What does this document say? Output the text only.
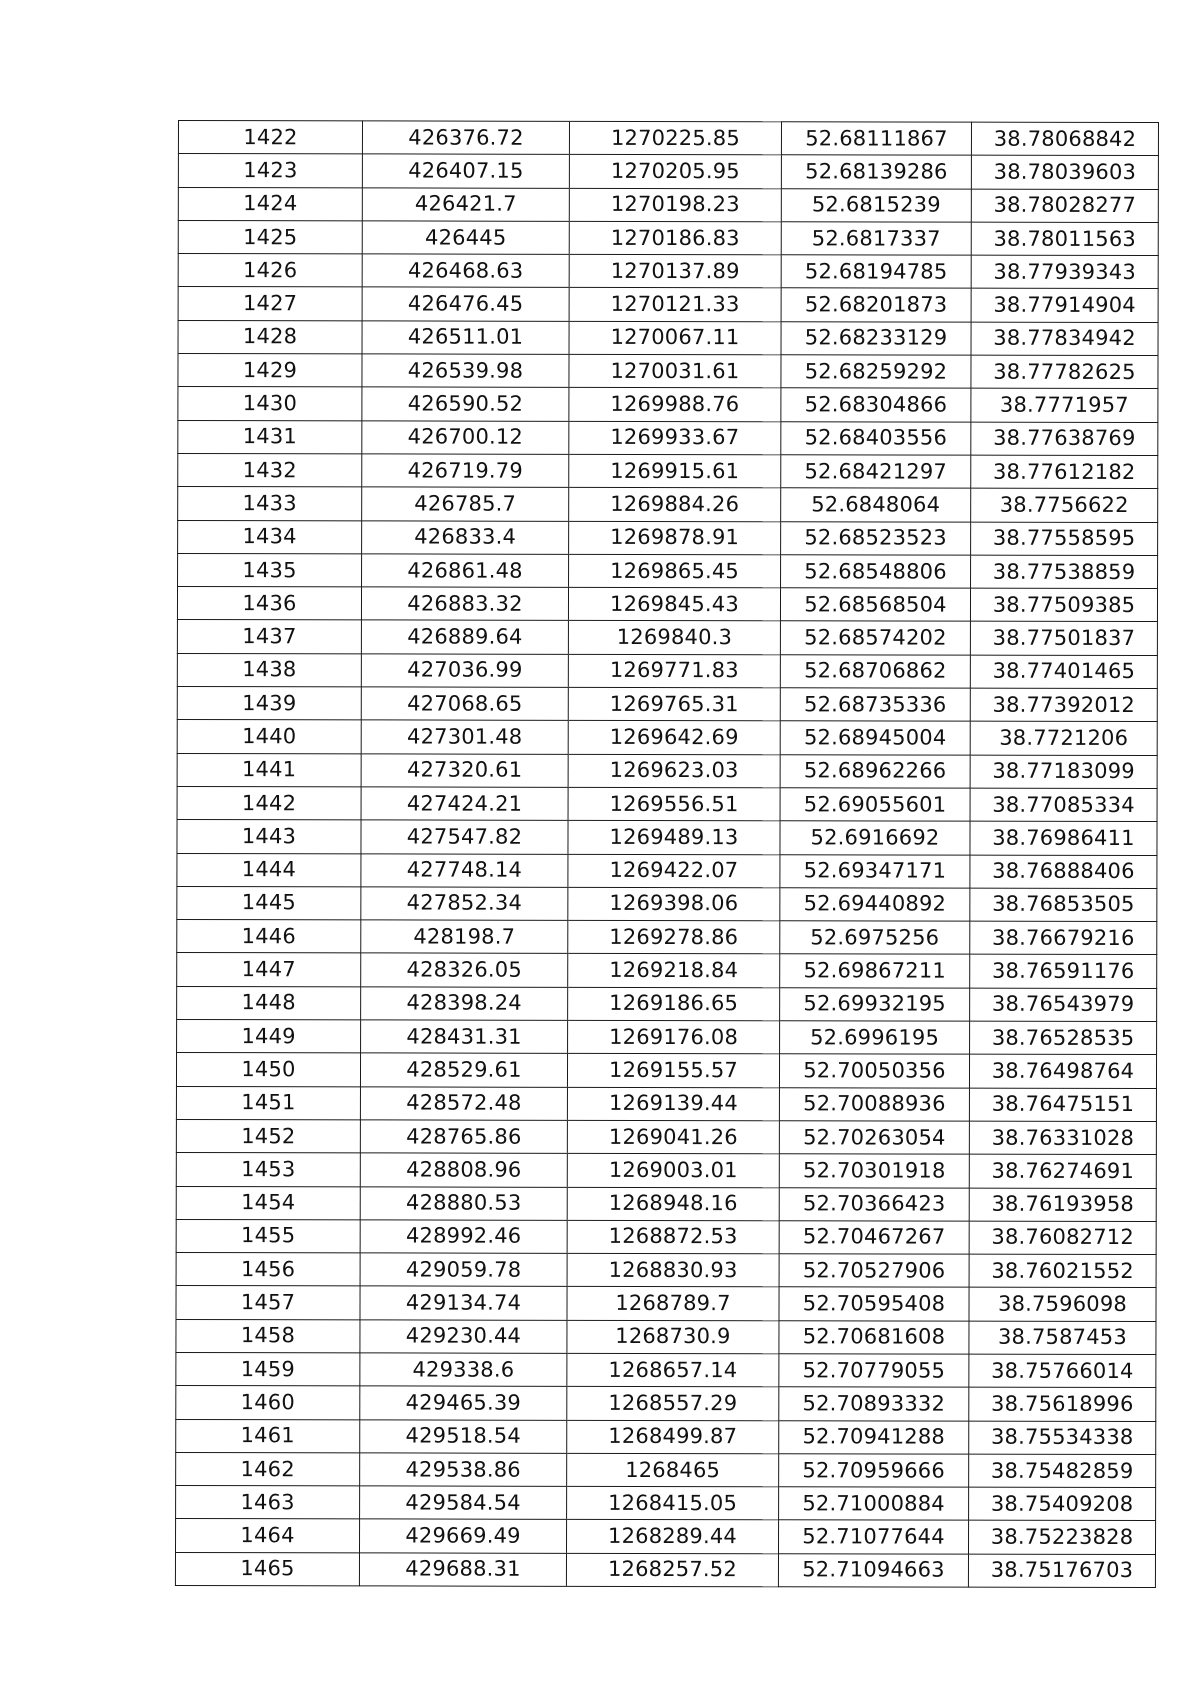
1422	426376.72	1270225.85	52.68111867	38.78068842
1423	426407.15	1270205.95	52.68139286	38.78039603
1424	426421.7	1270198.23	52.6815239	38.78028277
1425	426445	1270186.83	52.6817337	38.78011563
1426	426468.63	1270137.89	52.68194785	38.77939343
1427	426476.45	1270121.33	52.68201873	38.77914904
1428	426511.01	1270067.11	52.68233129	38.77834942
1429	426539.98	1270031.61	52.68259292	38.77782625
1430	426590.52	1269988.76	52.68304866	38.7771957
1431	426700.12	1269933.67	52.68403556	38.77638769
1432	426719.79	1269915.61	52.68421297	38.77612182
1433	426785.7	1269884.26	52.6848064	38.7756622
1434	426833.4	1269878.91	52.68523523	38.77558595
1435	426861.48	1269865.45	52.68548806	38.77538859
1436	426883.32	1269845.43	52.68568504	38.77509385
1437	426889.64	1269840.3	52.68574202	38.77501837
1438	427036.99	1269771.83	52.68706862	38.77401465
1439	427068.65	1269765.31	52.68735336	38.77392012
1440	427301.48	1269642.69	52.68945004	38.7721206
1441	427320.61	1269623.03	52.68962266	38.77183099
1442	427424.21	1269556.51	52.69055601	38.77085334
1443	427547.82	1269489.13	52.6916692	38.76986411
1444	427748.14	1269422.07	52.69347171	38.76888406
1445	427852.34	1269398.06	52.69440892	38.76853505
1446	428198.7	1269278.86	52.6975256	38.76679216
1447	428326.05	1269218.84	52.69867211	38.76591176
1448	428398.24	1269186.65	52.69932195	38.76543979
1449	428431.31	1269176.08	52.6996195	38.76528535
1450	428529.61	1269155.57	52.70050356	38.76498764
1451	428572.48	1269139.44	52.70088936	38.76475151
1452	428765.86	1269041.26	52.70263054	38.76331028
1453	428808.96	1269003.01	52.70301918	38.76274691
1454	428880.53	1268948.16	52.70366423	38.76193958
1455	428992.46	1268872.53	52.70467267	38.76082712
1456	429059.78	1268830.93	52.70527906	38.76021552
1457	429134.74	1268789.7	52.70595408	38.7596098
1458	429230.44	1268730.9	52.70681608	38.7587453
1459	429338.6	1268657.14	52.70779055	38.75766014
1460	429465.39	1268557.29	52.70893332	38.75618996
1461	429518.54	1268499.87	52.70941288	38.75534338
1462	429538.86	1268465	52.70959666	38.75482859
1463	429584.54	1268415.05	52.71000884	38.75409208
1464	429669.49	1268289.44	52.71077644	38.75223828
1465	429688.31	1268257.52	52.71094663	38.75176703
